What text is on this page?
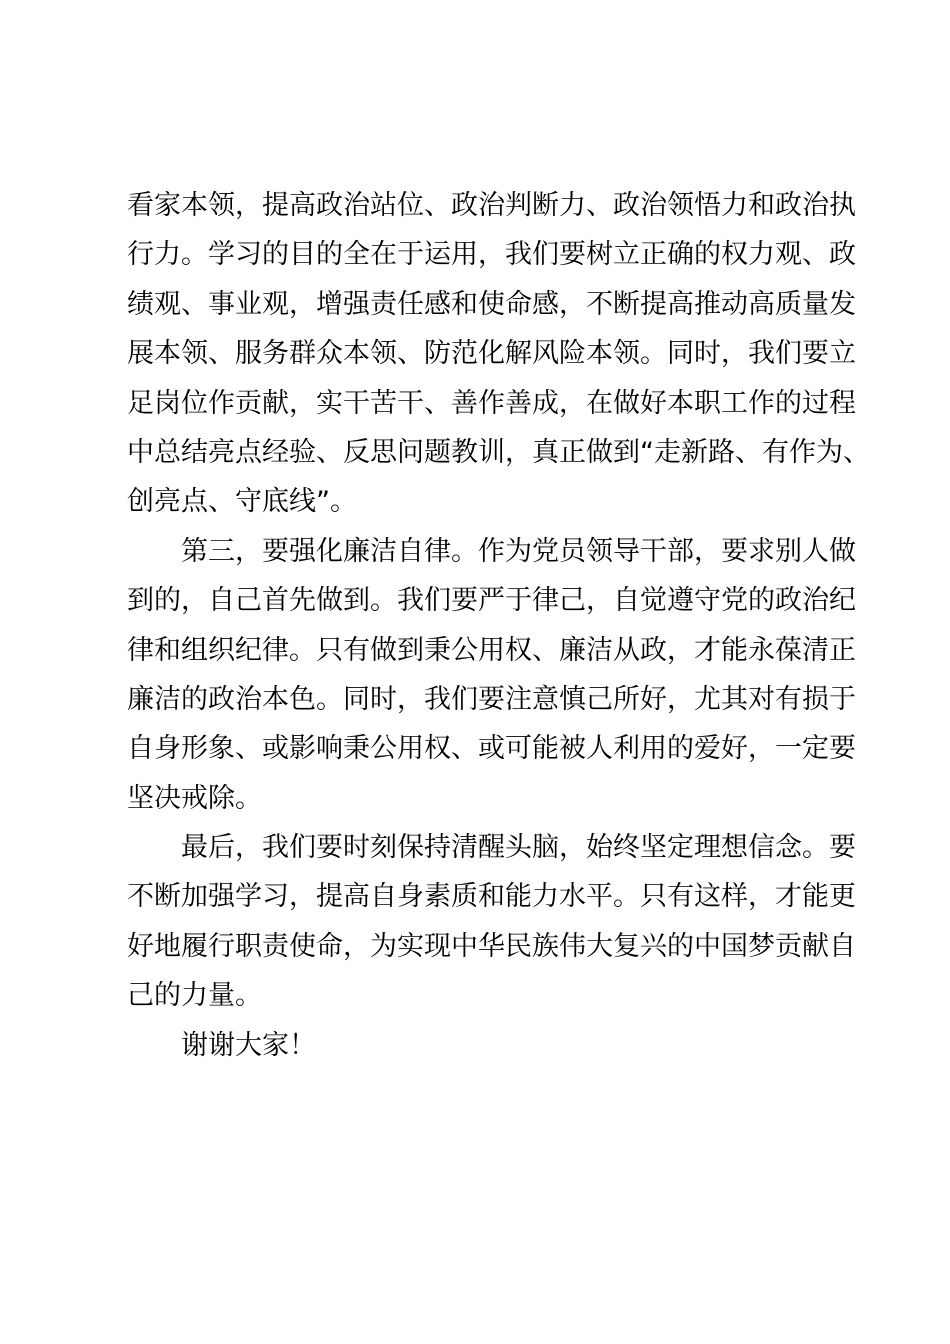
看家本领，提高政治站位、政治判断力、政治领悟力和政治执
行力。学习的目的全在于运用，我们要树立正确的权力观、政
绩观、事业观，增强责任感和使命感，不断提高推动高质量发
展本领、服务群众本领、防范化解风险本领。同时，我们要立
足岗位作贡献，实干苦干、善作善成，在做好本职工作的过程
中总结亮点经验、反思问题教训，真正做到“走新路、有作为、
创亮点、守底线”。
第三，要强化廉洁自律。作为党员领导干部，要求别人做
到的，自己首先做到。我们要严于律己，自觉遵守党的政治纪
律和组织纪律。只有做到秉公用权、廉洁从政，才能永葆清正
廉洁的政治本色。同时，我们要注意慎己所好，尤其对有损于
自身形象、或影响秉公用权、或可能被人利用的爱好，一定要
坚决戒除。
最后，我们要时刻保持清醒头脑，始终坚定理想信念。要
不断加强学习，提高自身素质和能力水平。只有这样，才能更
好地履行职责使命，为实现中华民族伟大复兴的中国梦贡献自
己的力量。
谢谢大家！
